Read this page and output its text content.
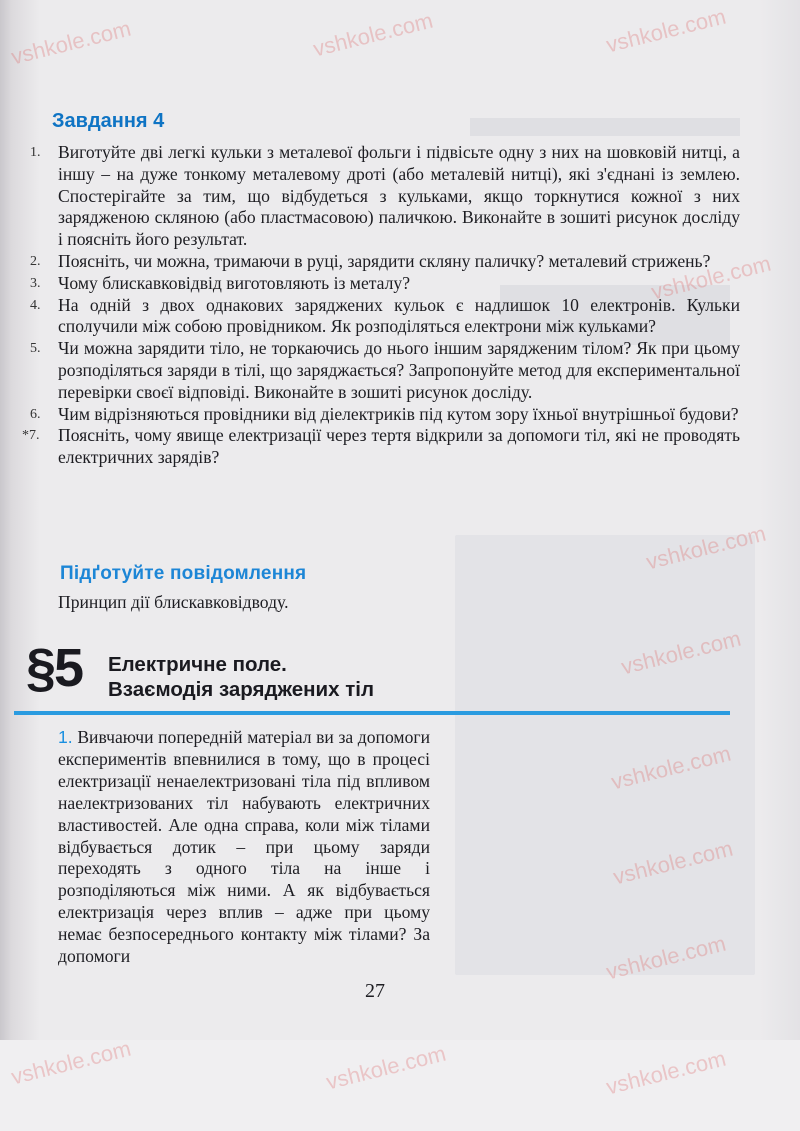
vshkole.com	vshkole.com	vshkole.com
vshkole.com
vshkole.com
vshkole.com
vshkole.com
vshkole.com
vshkole.com
vshkole.com	vshkole.com	vshkole.com
Завдання 4
1. Виготуйте дві легкі кульки з металевої фольги і підвісьте одну з них на шовковій нитці, а іншу – на дуже тонкому металевому дроті (або металевій нитці), які з'єднані із землею. Спостерігайте за тим, що відбудеться з кульками, якщо торкнутися кожної з них зарядженою скляною (або пластмасовою) паличкою. Виконайте в зошиті рисунок досліду і поясніть його результат.
2. Поясніть, чи можна, тримаючи в руці, зарядити скляну паличку? металевий стрижень?
3. Чому блискавковідвід виготовляють із металу?
4. На одній з двох однакових заряджених кульок є надлишок 10 електронів. Кульки сполучили між собою провідником. Як розподіляться електрони між кульками?
5. Чи можна зарядити тіло, не торкаючись до нього іншим зарядженим тілом? Як при цьому розподіляться заряди в тілі, що заряджається? Запропонуйте метод для експериментальної перевірки своєї відповіді. Виконайте в зошиті рисунок досліду.
6. Чим відрізняються провідники від діелектриків під кутом зору їхньої внутрішньої будови?
*7. Поясніть, чому явище електризації через тертя відкрили за допомоги тіл, які не проводять електричних зарядів?
Підґотуйте повідомлення
Принцип дії блискавковідводу.
§5 Електричне поле.
Взаємодія заряджених тіл

1. Вивчаючи попередній матеріал ви за допомоги експериментів впевнилися в тому, що в процесі електризації ненаелектризовані тіла під впливом наелектризованих тіл набувають електричних властивостей. Але одна справа, коли між тілами відбувається дотик – при цьому заряди переходять з одного тіла на інше і розподіляються між ними. А як відбувається електризація через вплив – адже при цьому немає безпосереднього контакту між тілами? За допомоги

27
